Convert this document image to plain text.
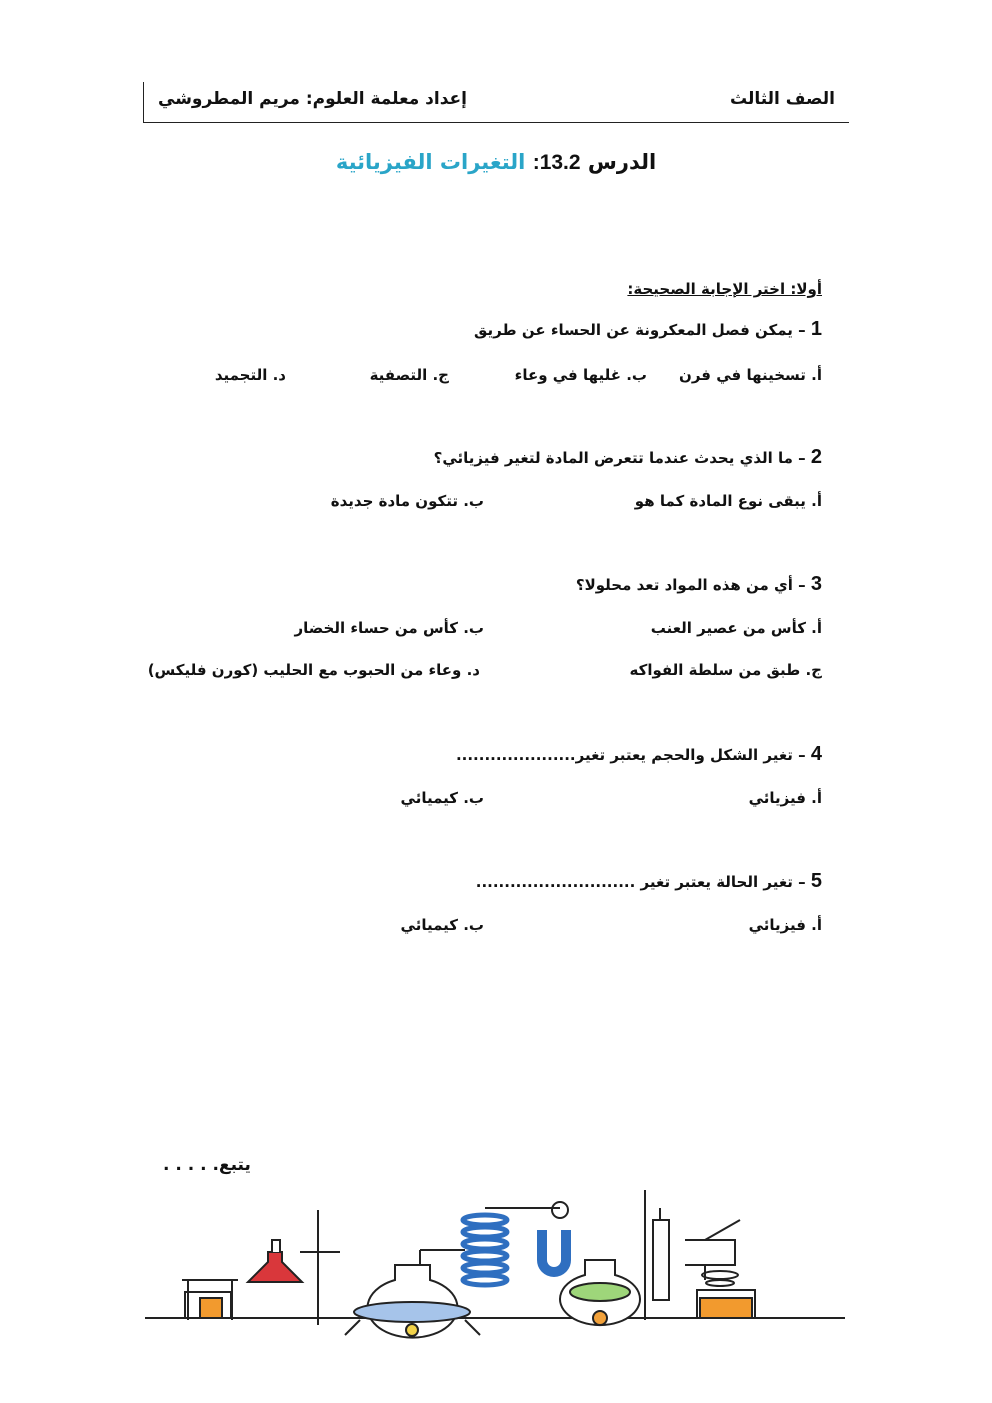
الصف الثالث
إعداد معلمة العلوم: مريم المطروشي
الدرس 13.2: التغيرات الفيزيائية
أولا: اختر الإجابة الصحيحة:
1 – يمكن فصل المعكرونة عن الحساء عن طريق
أ. تسخينها في فرن
ب. غليها في وعاء
ج. التصفية
د. التجميد
2 – ما الذي يحدث عندما تتعرض المادة لتغير فيزيائي؟
أ. يبقى نوع المادة كما هو
ب. تتكون مادة جديدة
3 – أي من هذه المواد تعد محلولا؟
أ. كأس من عصير العنب
ب. كأس من حساء الخضار
ج. طبق من سلطة الفواكه
د. وعاء من الحبوب مع الحليب (كورن فليكس)
4 – تغير الشكل والحجم يعتبر تغير.....................
أ. فيزيائي
ب. كيميائي
5 – تغير الحالة يعتبر تغير ............................
أ. فيزيائي
ب. كيميائي
يتبع. . . . .
